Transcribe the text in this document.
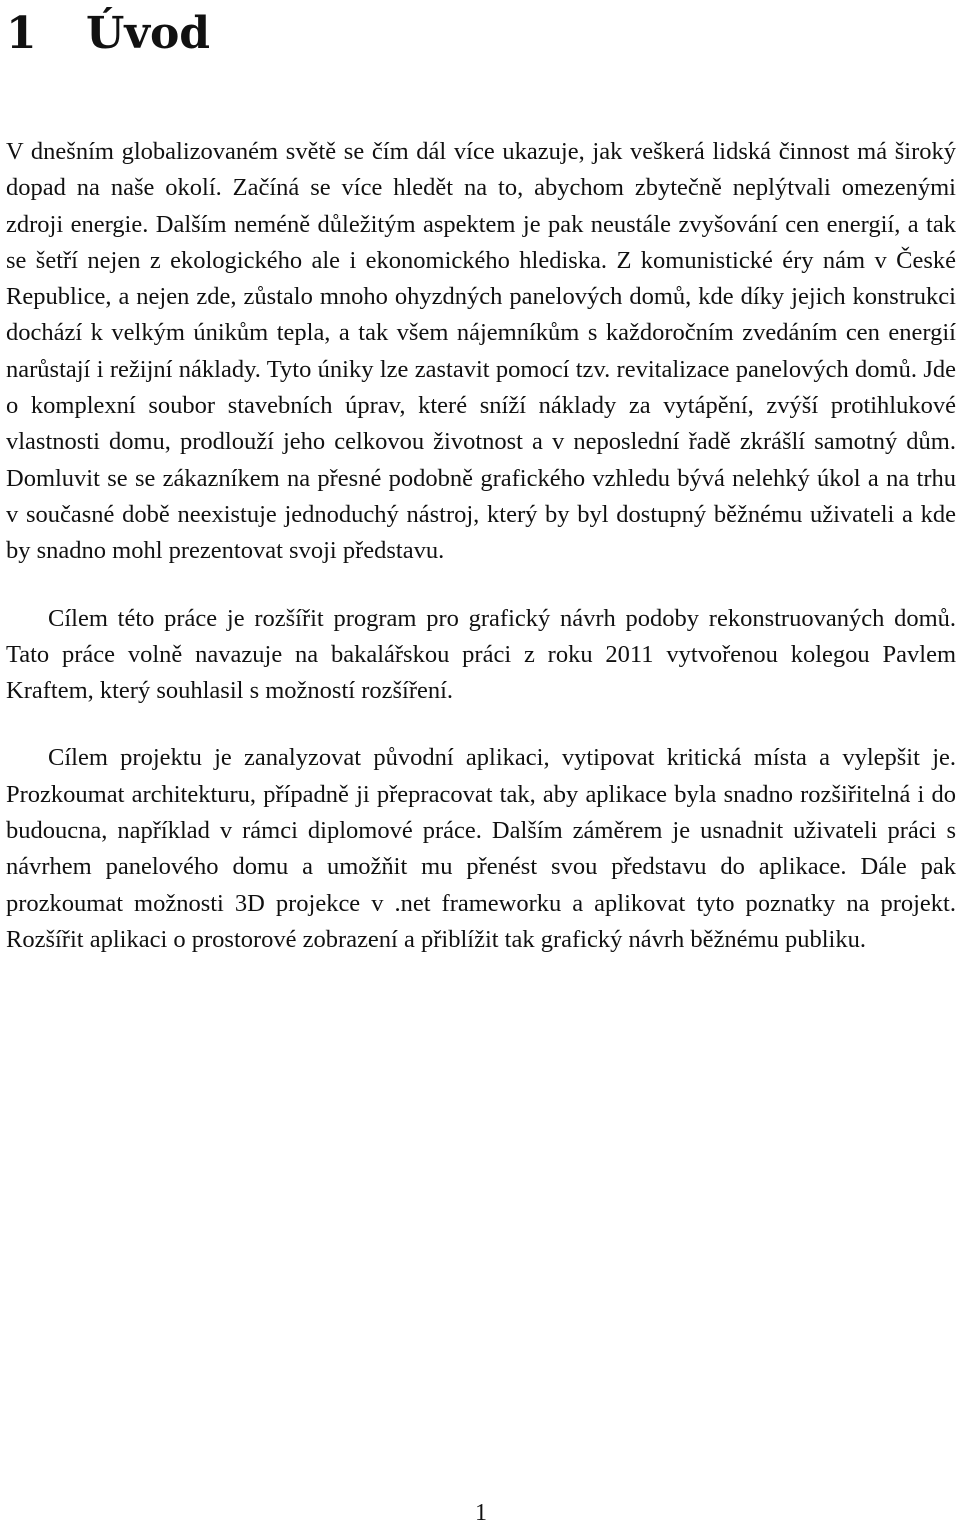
1 Úvod

V dnešním globalizovaném světě se čím dál více ukazuje, jak veškerá lidská činnost má široký dopad na naše okolí. Začíná se více hledět na to, abychom zbytečně neplýtvali omezenými zdroji energie. Dalším neméně důležitým aspektem je pak neustále zvyšování cen energií, a tak se šetří nejen z ekologického ale i ekonomického hlediska. Z komunistické éry nám v České Republice, a nejen zde, zůstalo mnoho ohyzdných panelových domů, kde díky jejich konstrukci dochází k velkým únikům tepla, a tak všem nájemníkům s každoročním zvedáním cen energií narůstají i režijní náklady. Tyto úniky lze zastavit pomocí tzv. revitalizace panelových domů. Jde o komplexní soubor stavebních úprav, které sníží náklady za vytápění, zvýší protihlukové vlastnosti domu, prodlouží jeho celkovou životnost a v neposlední řadě zkrášlí samotný dům. Domluvit se se zákazníkem na přesné podobně grafického vzhledu bývá nelehký úkol a na trhu v současné době neexistuje jednoduchý nástroj, který by byl dostupný běžnému uživateli a kde by snadno mohl prezentovat svoji představu.

Cílem této práce je rozšířit program pro grafický návrh podoby rekonstruovaných domů. Tato práce volně navazuje na bakalářskou práci z roku 2011 vytvořenou kolegou Pavlem Kraftem, který souhlasil s možností rozšíření.

Cílem projektu je zanalyzovat původní aplikaci, vytipovat kritická místa a vylepšit je. Prozkoumat architekturu, případně ji přepracovat tak, aby aplikace byla snadno rozšiřitelná i do budoucna, například v rámci diplomové práce. Dalším záměrem je usnadnit uživateli práci s návrhem panelového domu a umožňit mu přenést svou představu do aplikace. Dále pak prozkoumat možnosti 3D projekce v .net frameworku a aplikovat tyto poznatky na projekt. Rozšířit aplikaci o prostorové zobrazení a přiblížit tak grafický návrh běžnému publiku.

1
